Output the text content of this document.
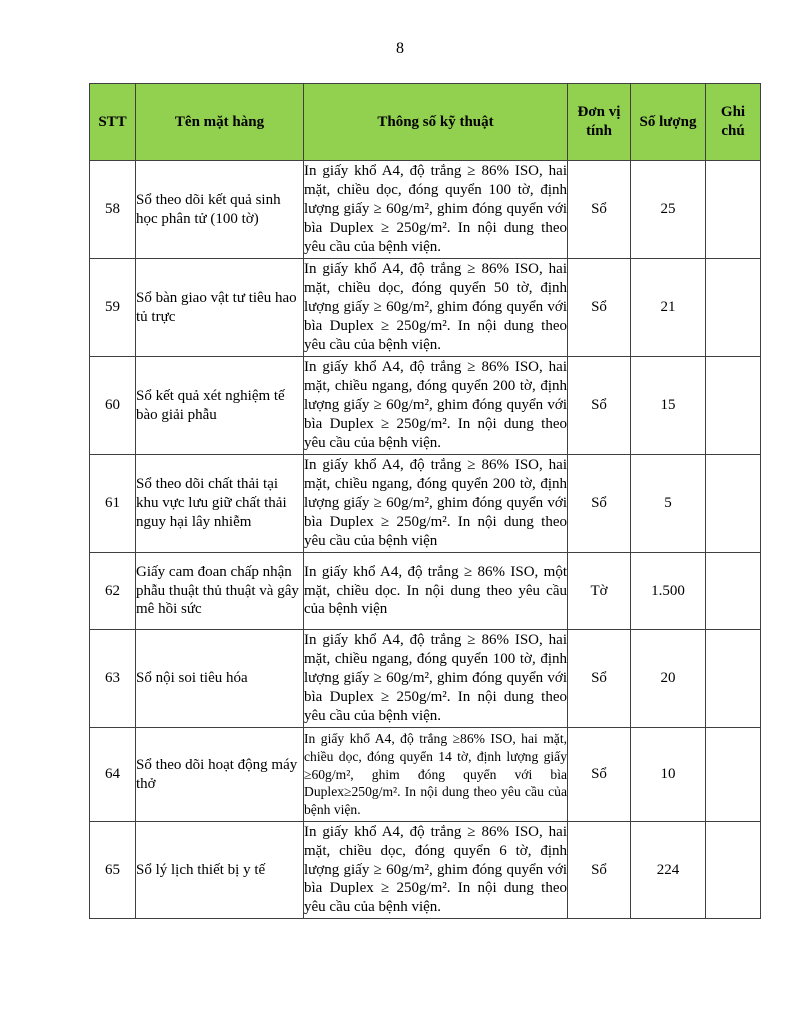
8
STT	Tên mặt hàng	Thông số kỹ thuật	Đơn vị tính	Số lượng	Ghi chú
58	Sổ theo dõi kết quả sinh học phân tử (100 tờ)	In giấy khổ A4, độ trắng ≥ 86% ISO, hai mặt, chiều dọc, đóng quyển 100 tờ, định lượng giấy ≥ 60g/m², ghim đóng quyển với bìa Duplex ≥ 250g/m². In nội dung theo yêu cầu của bệnh viện.	Sổ	25	
59	Sổ bàn giao vật tư tiêu hao tủ trực	In giấy khổ A4, độ trắng ≥ 86% ISO, hai mặt, chiều dọc, đóng quyển 50 tờ, định lượng giấy ≥ 60g/m², ghim đóng quyển với bìa Duplex ≥ 250g/m². In nội dung theo yêu cầu của bệnh viện.	Sổ	21	
60	Sổ kết quả xét nghiệm tế bào giải phẫu	In giấy khổ A4, độ trắng ≥ 86% ISO, hai mặt, chiều ngang, đóng quyển 200 tờ, định lượng giấy ≥ 60g/m², ghim đóng quyển với bìa Duplex ≥ 250g/m². In nội dung theo yêu cầu của bệnh viện.	Sổ	15	
61	Sổ theo dõi chất thải tại khu vực lưu giữ chất thải nguy hại lây nhiễm	In giấy khổ A4, độ trắng ≥ 86% ISO, hai mặt, chiều ngang, đóng quyển 200 tờ, định lượng giấy ≥ 60g/m², ghim đóng quyển với bìa Duplex ≥ 250g/m². In nội dung theo yêu cầu của bệnh viện	Sổ	5	
62	Giấy cam đoan chấp nhận phẫu thuật thủ thuật và gây mê hồi sức	In giấy khổ A4, độ trắng ≥ 86% ISO, một mặt, chiều dọc. In nội dung theo yêu cầu của bệnh viện	Tờ	1.500	
63	Sổ nội soi tiêu hóa	In giấy khổ A4, độ trắng ≥ 86% ISO, hai mặt, chiều ngang, đóng quyển 100 tờ, định lượng giấy ≥ 60g/m², ghim đóng quyển với bìa Duplex ≥ 250g/m². In nội dung theo yêu cầu của bệnh viện.	Sổ	20	
64	Sổ theo dõi hoạt động máy thở	In giấy khổ A4, độ trắng ≥86% ISO, hai mặt, chiều dọc, đóng quyển 14 tờ, định lượng giấy ≥60g/m², ghim đóng quyển với bìa Duplex≥250g/m². In nội dung theo yêu cầu của bệnh viện.	Sổ	10	
65	Sổ lý lịch thiết bị y tế	In giấy khổ A4, độ trắng ≥ 86% ISO, hai mặt, chiều dọc, đóng quyển 6 tờ, định lượng giấy ≥ 60g/m², ghim đóng quyển với bìa Duplex ≥ 250g/m². In nội dung theo yêu cầu của bệnh viện.	Sổ	224	
